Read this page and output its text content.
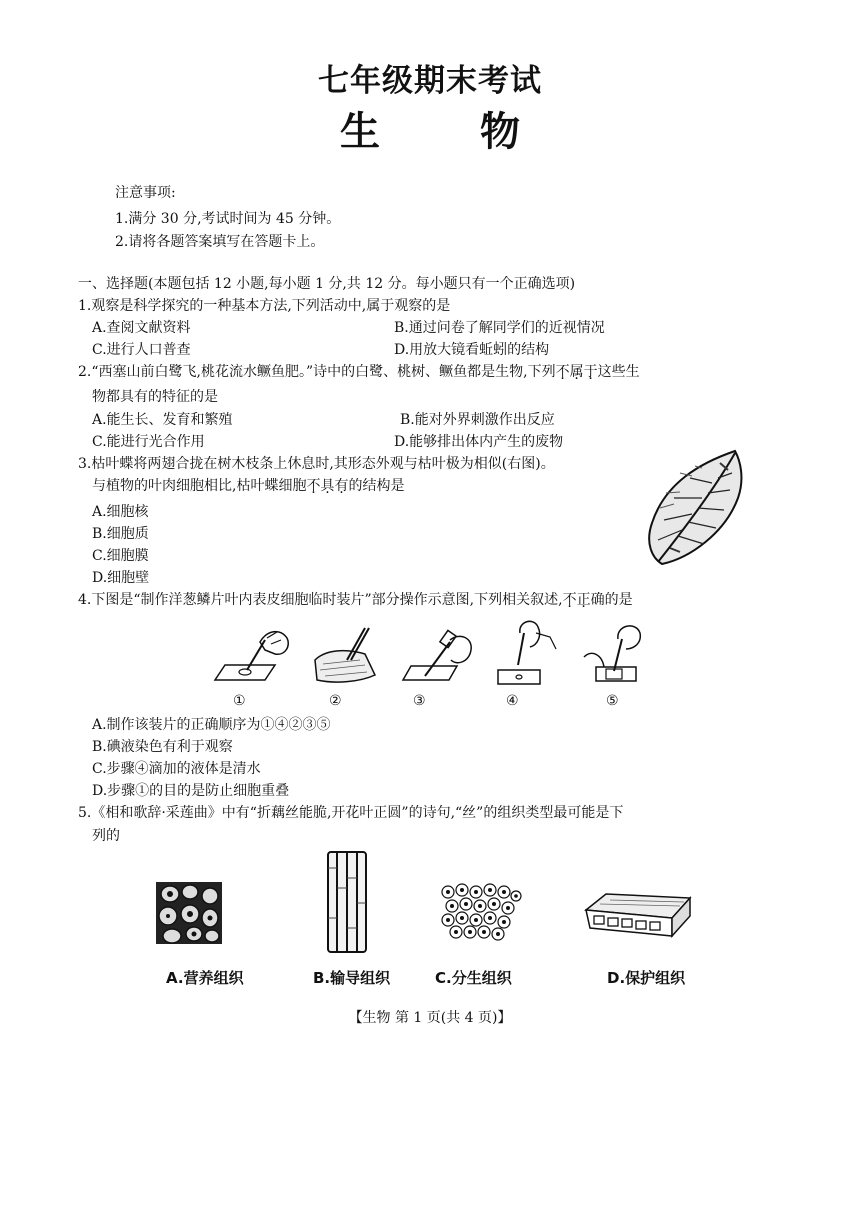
七年级期末考试
生	物
注意事项:
1.满分 30 分,考试时间为 45 分钟。
2.请将各题答案填写在答题卡上。
一、选择题(本题包括 12 小题,每小题 1 分,共 12 分。每小题只有一个正确选项)
1.观察是科学探究的一种基本方法,下列活动中,属于观察的是
A.查阅文献资料	B.通过问卷了解同学们的近视情况
C.进行人口普查	D.用放大镜看蚯蚓的结构
2.“西塞山前白鹭飞,桃花流水鳜鱼肥。”诗中的白鹭、桃树、鳜鱼都是生物,下列不属于这些生
物都具有的特征的是
A.能生长、发育和繁殖	B.能对外界刺激作出反应
C.能进行光合作用	D.能够排出体内产生的废物
3.枯叶蝶将两翅合拢在树木枝条上休息时,其形态外观与枯叶极为相似(右图)。
与植物的叶肉细胞相比,枯叶蝶细胞不具有的结构是
A.细胞核
B.细胞质
C.细胞膜
D.细胞壁
4.下图是“制作洋葱鳞片叶内表皮细胞临时装片”部分操作示意图,下列相关叙述,不正确的是
①	②	③	④	⑤
A.制作该装片的正确顺序为①④②③⑤
B.碘液染色有利于观察
C.步骤④滴加的液体是清水
D.步骤①的目的是防止细胞重叠
5.《相和歌辞·采莲曲》中有“折藕丝能脆,开花叶正圆”的诗句,“丝”的组织类型最可能是下
列的
A.营养组织	B.输导组织	C.分生组织	D.保护组织
【生物 第 1 页(共 4 页)】
